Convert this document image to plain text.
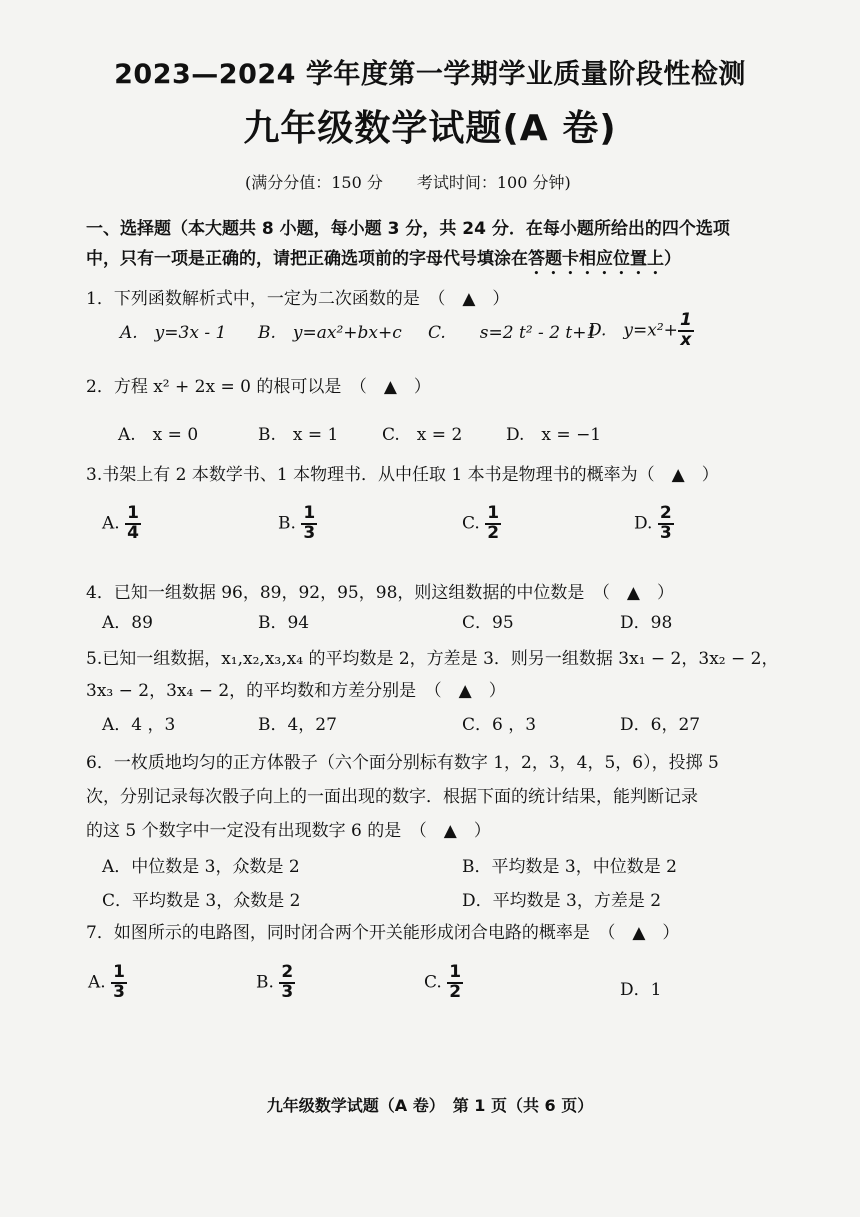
2023—2024 学年度第一学期学业质量阶段性检测
九年级数学试题(A 卷)
(满分分值：150 分 考试时间：100 分钟)
一、选择题（本大题共 8 小题，每小题 3 分，共 24 分．在每小题所给出的四个选项
中，只有一项是正确的，请把正确选项前的字母代号填涂在答题卡相应位置上）
1．下列函数解析式中，一定为二次函数的是　（　▲　）
A.　y=3x - 1 B.　y=ax²+bx+c C.　　s=2 t² - 2 t+1
D.　$y=x^2+ \frac{1}{x}$
2．方程 x² + 2x = 0 的根可以是　（　▲　）
A.　x = 0	B.　x = 1	C.　x = 2	D.　x = −1
3.书架上有 2 本数学书、1 本物理书．从中任取 1 本书是物理书的概率为（　▲　）
A. $\frac{1}{4}$	B. $\frac{1}{3}$	C. $\frac{1}{2}$	D. $\frac{2}{3}$
4．已知一组数据 96，89，92，95，98，则这组数据的中位数是　（　▲　）
A．89	B．94	C．95	D．98
5.已知一组数据，x₁,x₂,x₃,x₄ 的平均数是 2，方差是 3．则另一组数据 3x₁ − 2，3x₂ − 2，
3x₃ − 2，3x₄ − 2，的平均数和方差分别是　（　▲　）
A．4 ，3	B．4，27	C．6 ，3	D．6，27
6．一枚质地均匀的正方体骰子（六个面分别标有数字 1，2，3，4，5，6），投掷 5
次，分别记录每次骰子向上的一面出现的数字．根据下面的统计结果，能判断记录
的这 5 个数字中一定没有出现数字 6 的是　（　▲　）
A．中位数是 3，众数是 2	B．平均数是 3，中位数是 2
C．平均数是 3，众数是 2	D．平均数是 3，方差是 2
7．如图所示的电路图，同时闭合两个开关能形成闭合电路的概率是　（　▲　）
A. $\frac{1}{3}$	B. $\frac{2}{3}$	C. $\frac{1}{2}$	D．1
九年级数学试题（A 卷）　第 1 页（共 6 页）
